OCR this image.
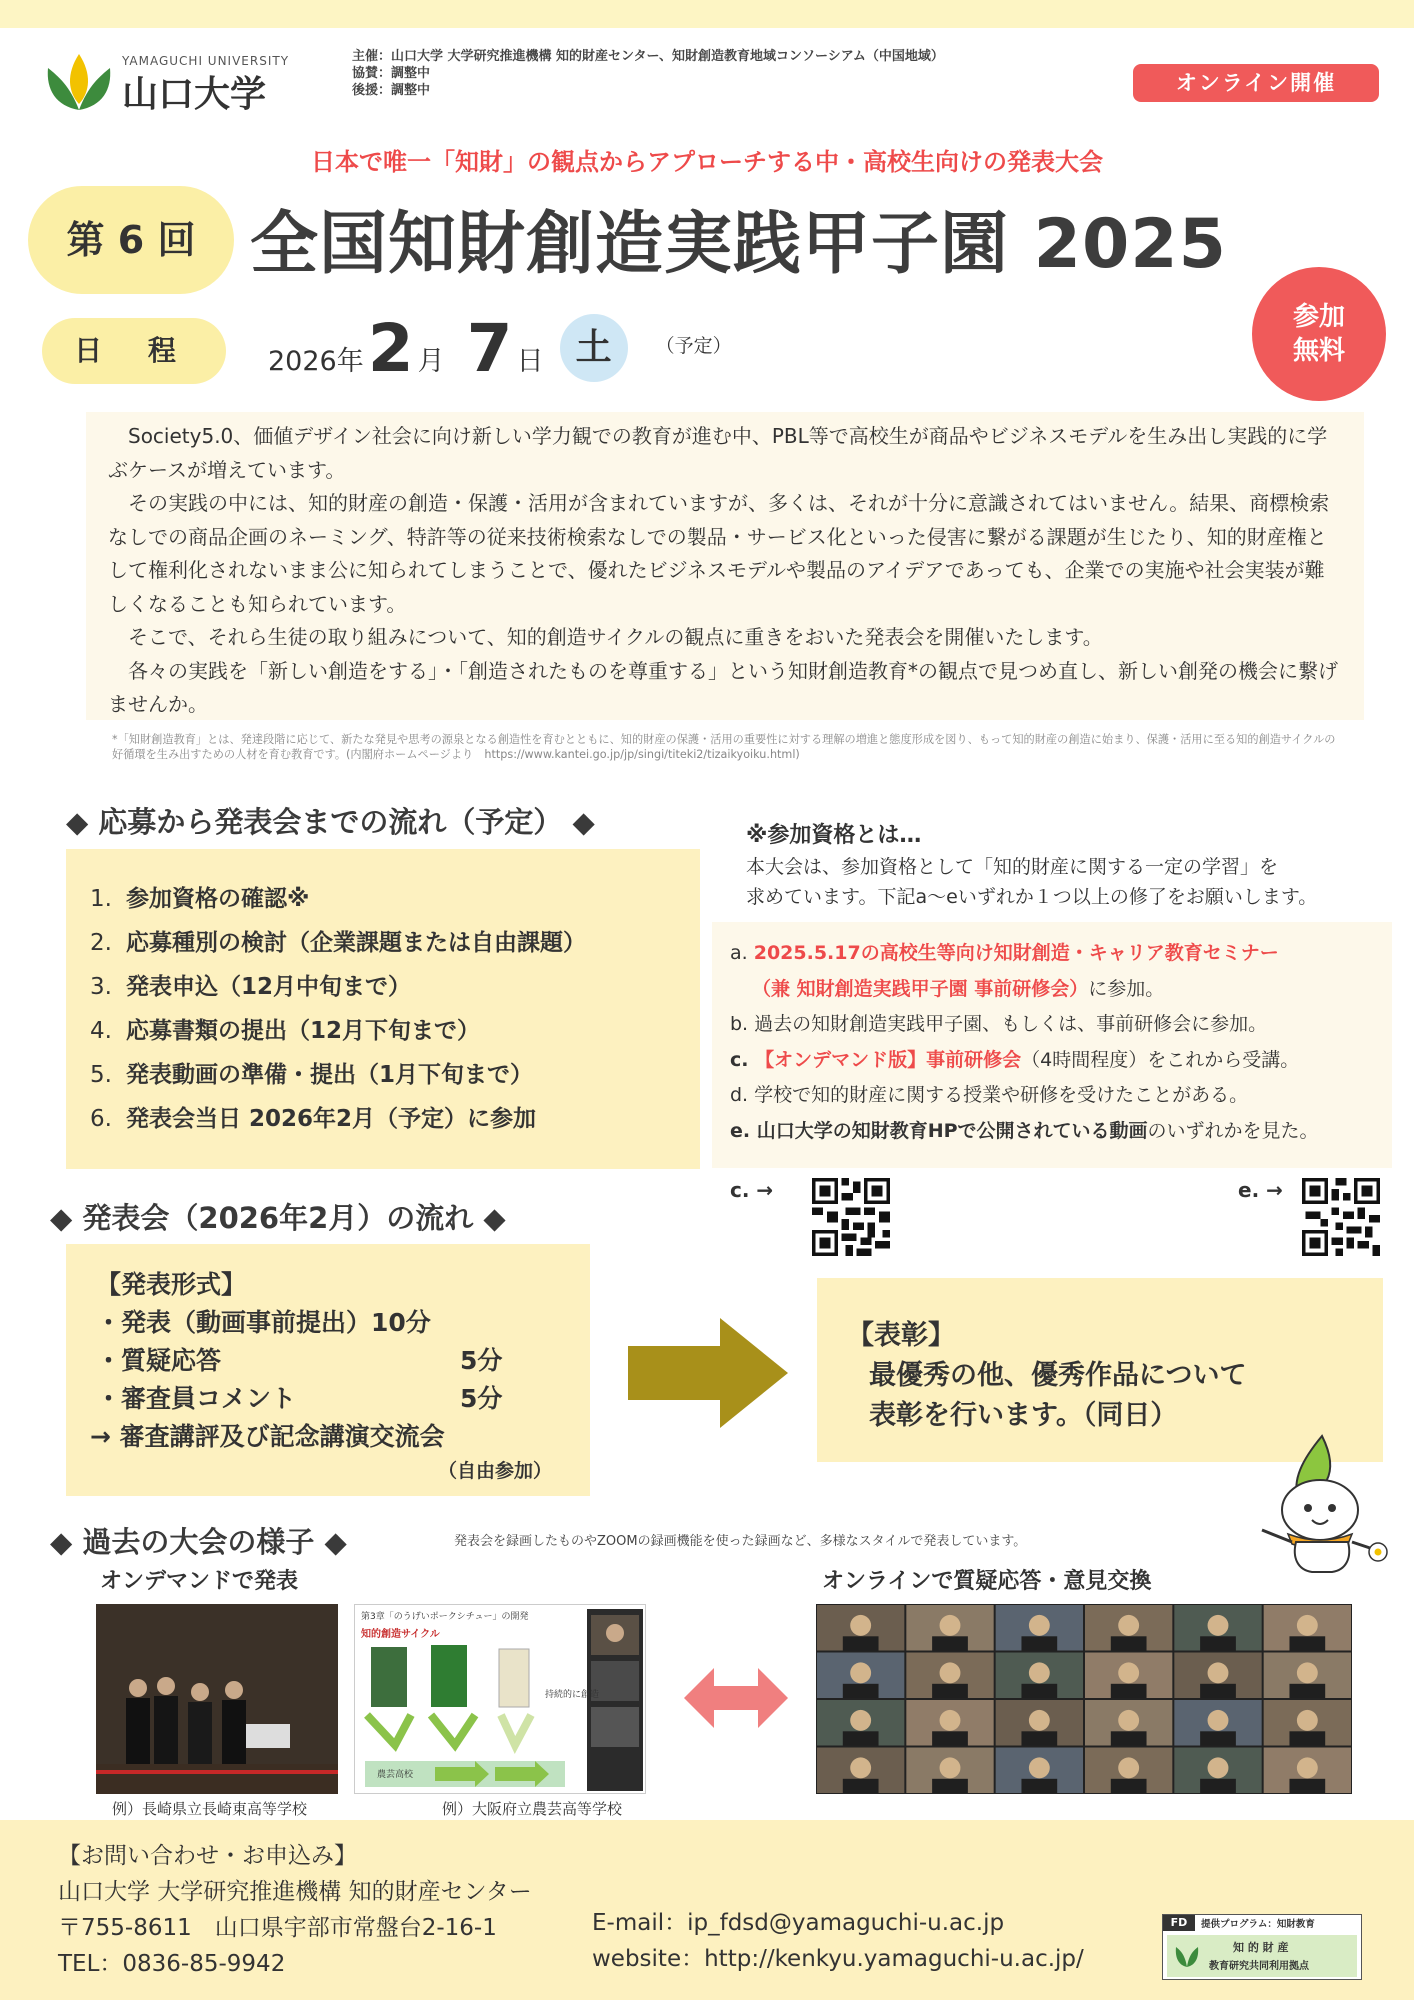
YAMAGUCHI UNIVERSITY
山口大学
主催：山口大学 大学研究推進機構 知的財産センター、知財創造教育地域コンソーシアム（中国地域）
協賛：調整中
後援：調整中	オンライン開催
日本で唯一「知財」の観点からアプローチする中・高校生向けの発表大会
第 6 回 全国知財創造実践甲子園 2025
参加
無料
日 程	2026年 2 月 7 日 土	（予定）

Society5.0、価値デザイン社会に向け新しい学力観での教育が進む中、PBL等で高校生が商品やビジネスモデルを生み出し実践的に学ぶケースが増えています。

その実践の中には、知的財産の創造・保護・活用が含まれていますが、多くは、それが十分に意識されてはいません。結果、商標検索なしでの商品企画のネーミング、特許等の従来技術検索なしでの製品・サービス化といった侵害に繋がる課題が生じたり、知的財産権として権利化されないまま公に知られてしまうことで、優れたビジネスモデルや製品のアイデアであっても、企業での実施や社会実装が難しくなることも知られています。

そこで、それら生徒の取り組みについて、知的創造サイクルの観点に重きをおいた発表会を開催いたします。

各々の実践を「新しい創造をする」・「創造されたものを尊重する」という知財創造教育*の観点で見つめ直し、新しい創発の機会に繋げませんか。

*「知財創造教育」とは、発達段階に応じて、新たな発見や思考の源泉となる創造性を育むとともに、知的財産の保護・活用の重要性に対する理解の増進と態度形成を図り、もって知的財産の創造に始まり、保護・活用に至る知的創造サイクルの好循環を生み出すための人材を育む教育です。(内閣府ホームページより　https://www.kantei.go.jp/jp/singi/titeki2/tizaikyoiku.html)
◆ 応募から発表会までの流れ（予定） ◆
1. 参加資格の確認※
2. 応募種別の検討（企業課題または自由課題）
3. 発表申込（12月中旬まで）
4. 応募書類の提出（12月下旬まで）
5. 発表動画の準備・提出（1月下旬まで）
6. 発表会当日 2026年2月（予定）に参加
※参加資格とは…
本大会は、参加資格として「知的財産に関する一定の学習」を
求めています。下記a〜eいずれか１つ以上の修了をお願いします。
a. 2025.5.17の高校生等向け知財創造・キャリア教育セミナー
（兼 知財創造実践甲子園 事前研修会）に参加。
b. 過去の知財創造実践甲子園、もしくは、事前研修会に参加。
c. 【オンデマンド版】事前研修会（4時間程度）をこれから受講。
d. 学校で知的財産に関する授業や研修を受けたことがある。
e. 山口大学の知財教育HPで公開されている動画のいずれかを見た。
c. →	e. →
◆ 発表会（2026年2月）の流れ ◆
【発表形式】
・発表（動画事前提出）10分
・質疑応答	5分
・審査員コメント	5分
→ 審査講評及び記念講演交流会
（自由参加）
【表彰】
最優秀の他、優秀作品について
表彰を行います。（同日）
◆ 過去の大会の様子 ◆	発表会を録画したものやZOOMの録画機能を使った録画など、多様なスタイルで発表しています。
オンデマンドで発表	オンラインで質疑応答・意見交換
例）長崎県立長崎東高等学校
第3章「のうげいポークシチュー」の開発
知的創造サイクル
持続的に創造
農芸高校
例）大阪府立農芸高等学校
【お問い合わせ・お申込み】
山口大学 大学研究推進機構 知的財産センター
〒755-8611　山口県宇部市常盤台2-16-1
TEL：0836-85-9942
E-mail：ip_fdsd@yamaguchi-u.ac.jp
website：http://kenkyu.yamaguchi-u.ac.jp/
FD	提供プログラム：知財教育
知 的 財 産
教育研究共同利用拠点
